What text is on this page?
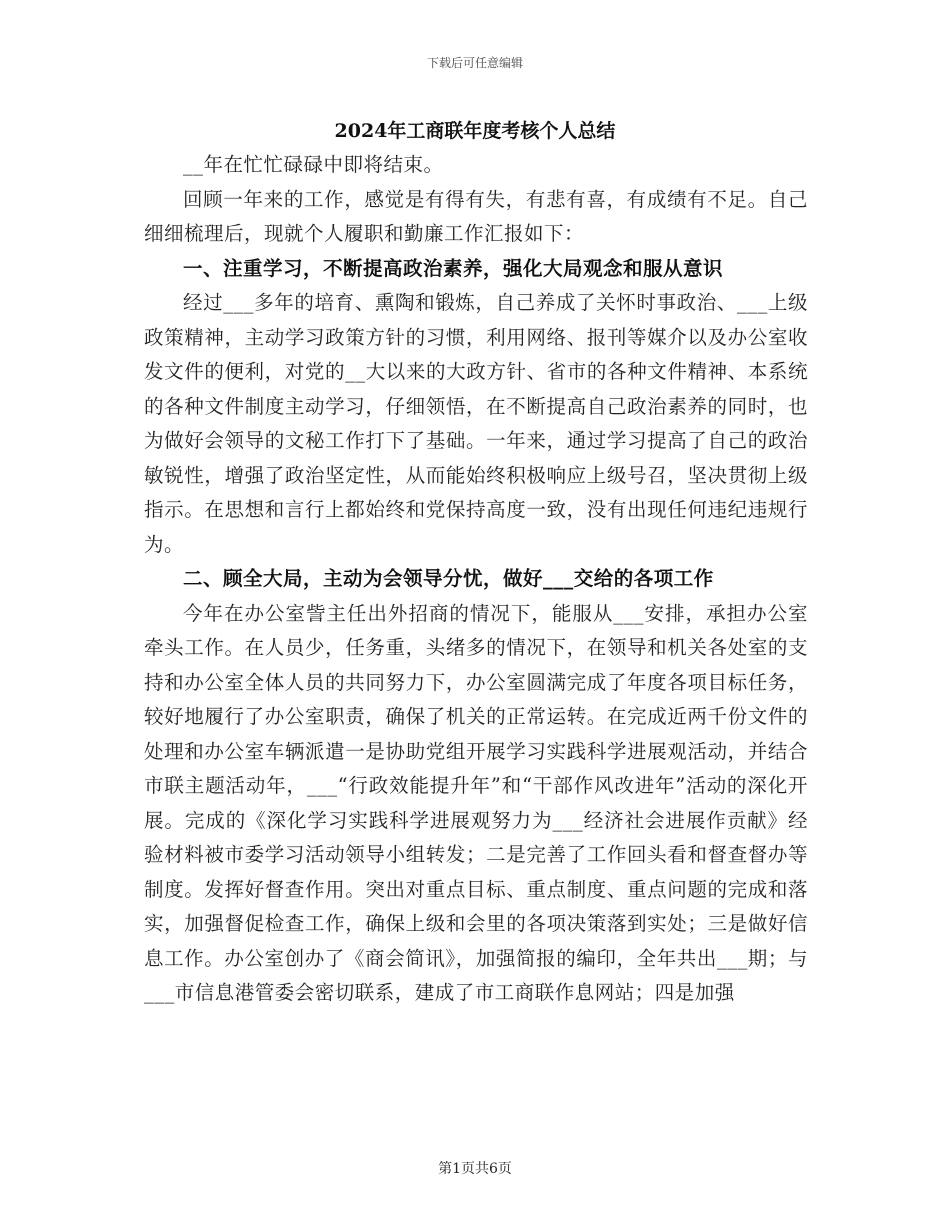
下载后可任意编辑
2024年工商联年度考核个人总结

__年在忙忙碌碌中即将结束。

回顾一年来的工作，感觉是有得有失，有悲有喜，有成绩有不足。自己细细梳理后，现就个人履职和勤廉工作汇报如下：

一、注重学习，不断提高政治素养，强化大局观念和服从意识

经过___多年的培育、熏陶和锻炼，自己养成了关怀时事政治、___上级政策精神，主动学习政策方针的习惯，利用网络、报刊等媒介以及办公室收发文件的便利，对党的__大以来的大政方针、省市的各种文件精神、本系统的各种文件制度主动学习，仔细领悟，在不断提高自己政治素养的同时，也为做好会领导的文秘工作打下了基础。一年来，通过学习提高了自己的政治敏锐性，增强了政治坚定性，从而能始终积极响应上级号召，坚决贯彻上级指示。在思想和言行上都始终和党保持高度一致，没有出现任何违纪违规行为。

二、顾全大局，主动为会领导分忧，做好___交给的各项工作

今年在办公室訾主任出外招商的情况下，能服从___安排，承担办公室牵头工作。在人员少，任务重，头绪多的情况下，在领导和机关各处室的支持和办公室全体人员的共同努力下，办公室圆满完成了年度各项目标任务，较好地履行了办公室职责，确保了机关的正常运转。在完成近两千份文件的处理和办公室车辆派遣一是协助党组开展学习实践科学进展观活动，并结合市联主题活动年，___“行政效能提升年”和“干部作风改进年”活动的深化开展。完成的《深化学习实践科学进展观努力为___经济社会进展作贡献》经验材料被市委学习活动领导小组转发；二是完善了工作回头看和督查督办等制度。发挥好督查作用。突出对重点目标、重点制度、重点问题的完成和落实，加强督促检查工作，确保上级和会里的各项决策落到实处；三是做好信息工作。办公室创办了《商会简讯》，加强简报的编印，全年共出___期；与___市信息港管委会密切联系，建成了市工商联作息网站；四是加强

第1页共6页
